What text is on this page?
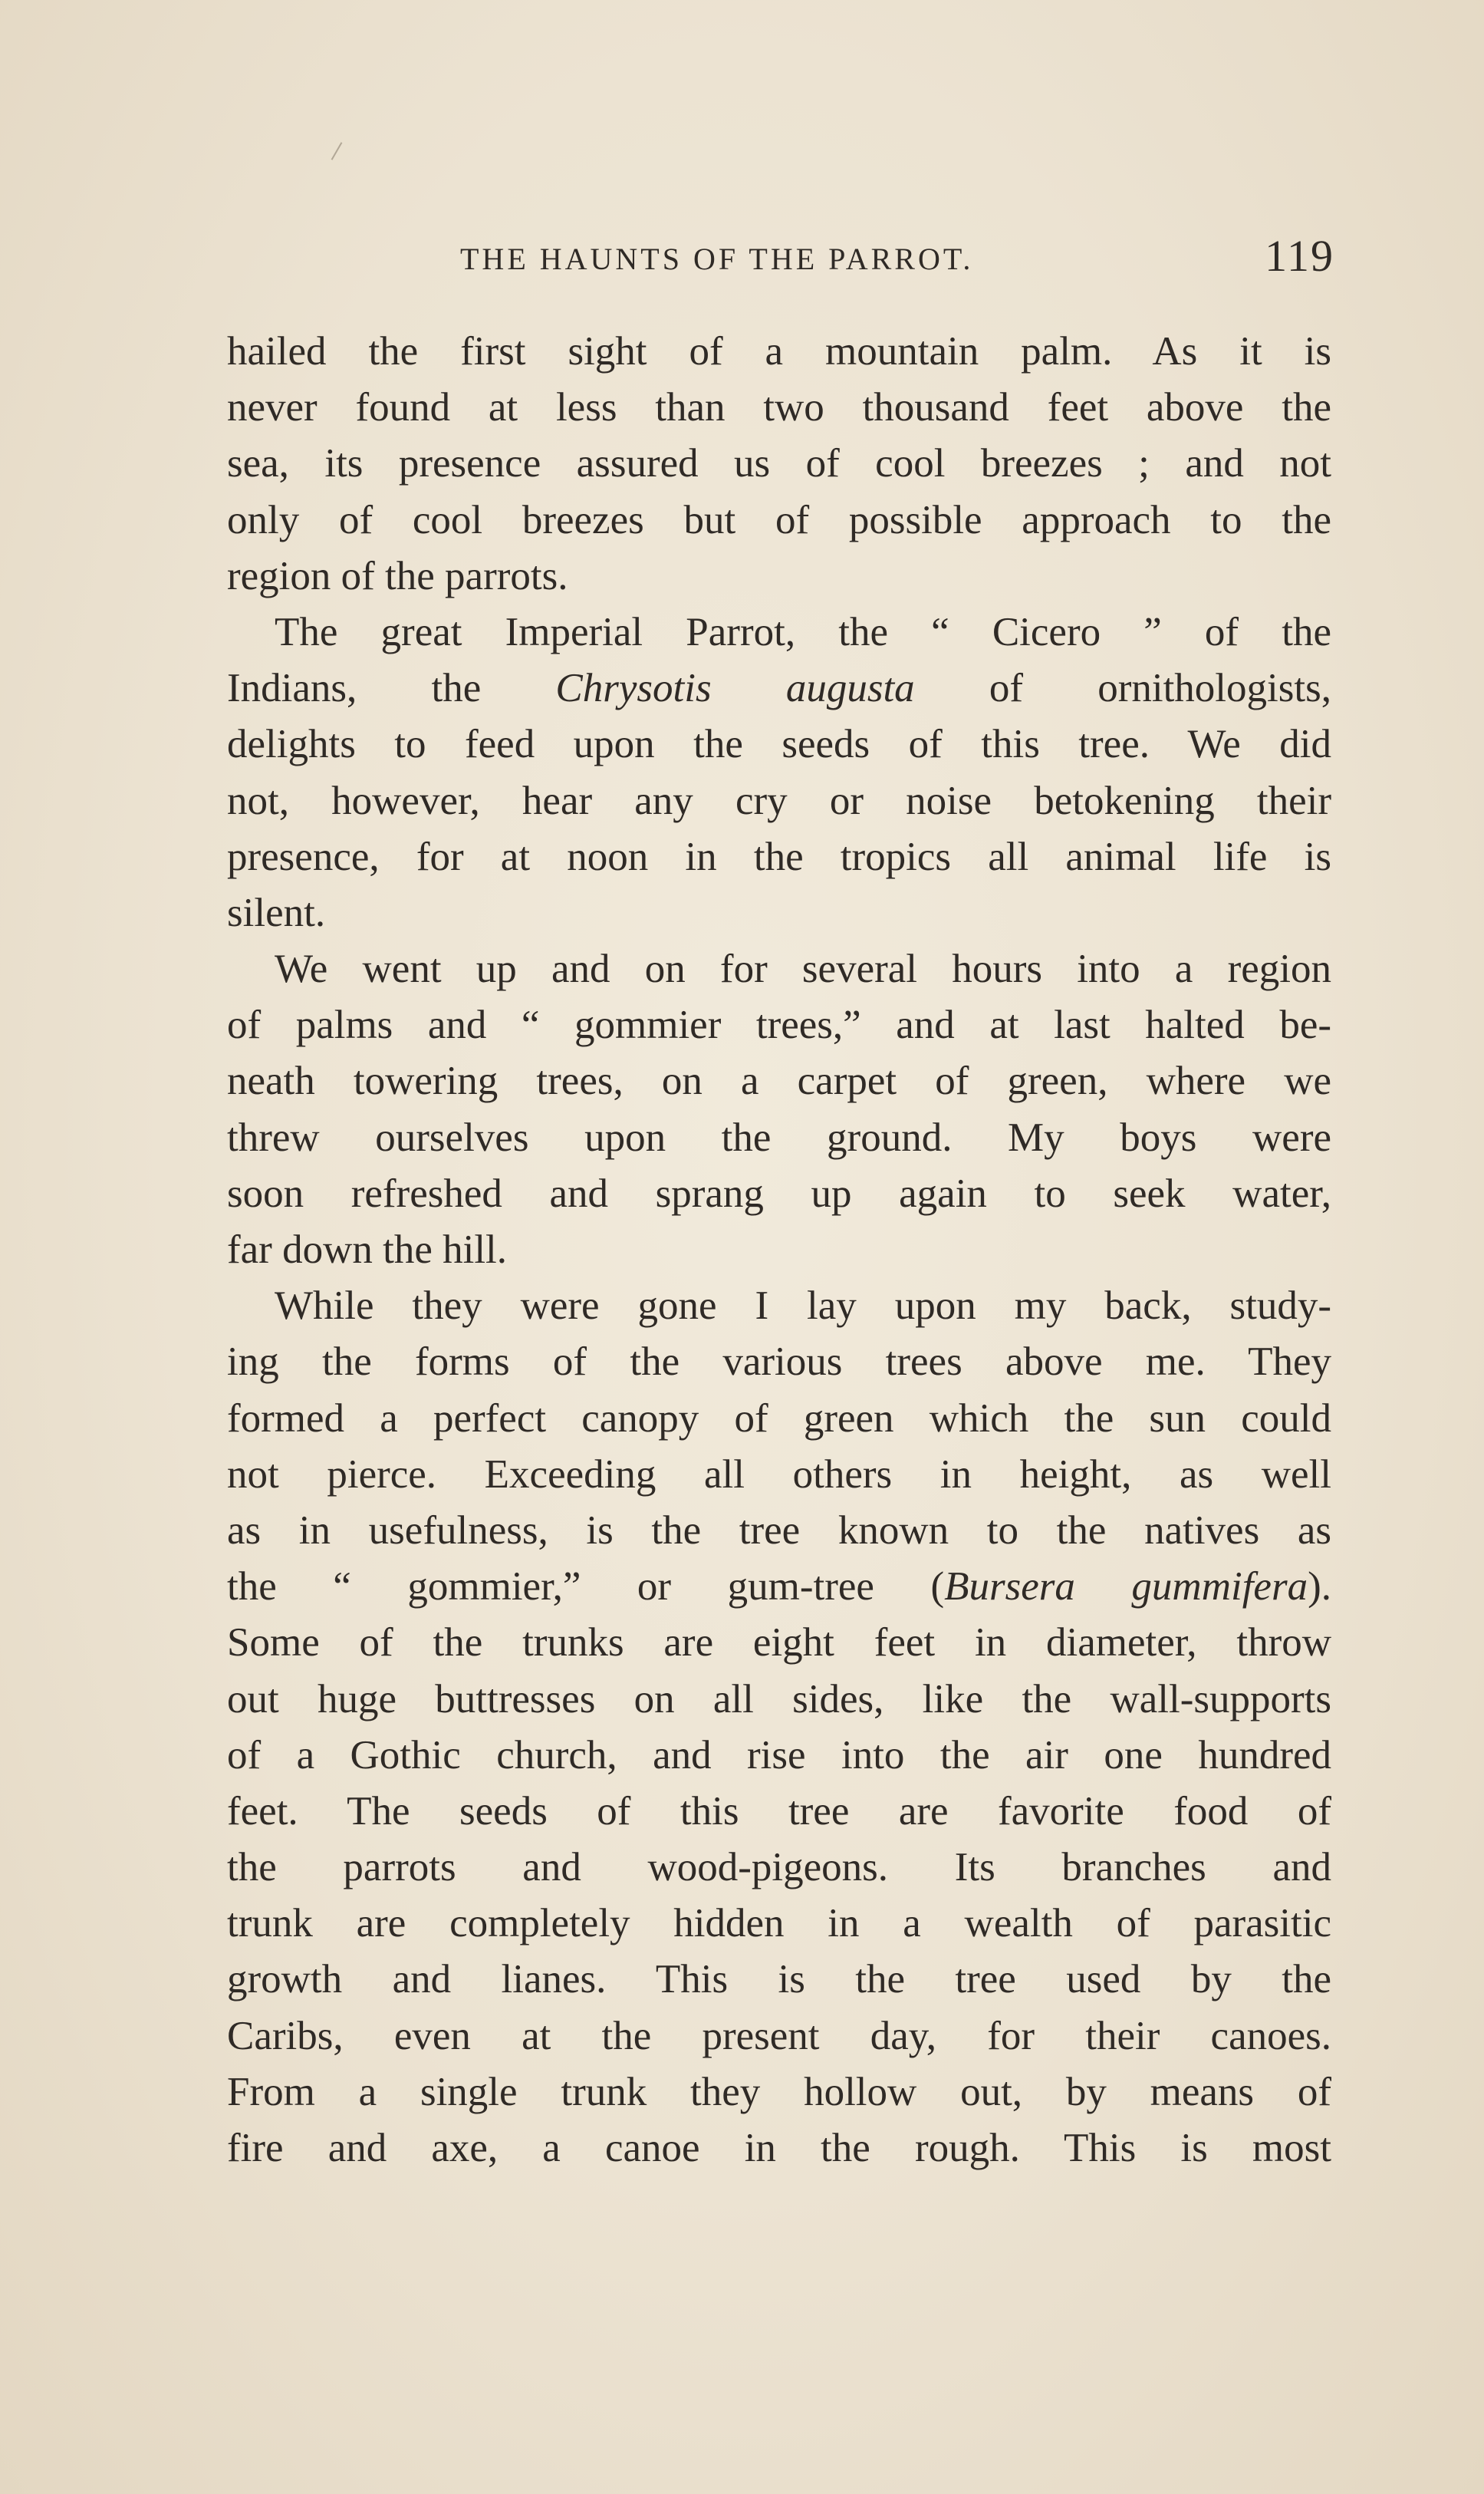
THE HAUNTS OF THE PARROT.	119
hailed the first sight of a mountain palm. As it is
never found at less than two thousand feet above the
sea, its presence assured us of cool breezes ; and not
only of cool breezes but of possible approach to the
region of the parrots.
The great Imperial Parrot, the “ Cicero ” of the
Indians, the Chrysotis augusta of ornithologists,
delights to feed upon the seeds of this tree. We did
not, however, hear any cry or noise betokening their
presence, for at noon in the tropics all animal life is
silent.
We went up and on for several hours into a region
of palms and “ gommier trees,” and at last halted be-
neath towering trees, on a carpet of green, where we
threw ourselves upon the ground. My boys were
soon refreshed and sprang up again to seek water,
far down the hill.
While they were gone I lay upon my back, study-
ing the forms of the various trees above me. They
formed a perfect canopy of green which the sun could
not pierce. Exceeding all others in height, as well
as in usefulness, is the tree known to the natives as
the “ gommier,” or gum-tree (Bursera gummifera).
Some of the trunks are eight feet in diameter, throw
out huge buttresses on all sides, like the wall-supports
of a Gothic church, and rise into the air one hundred
feet. The seeds of this tree are favorite food of
the parrots and wood-pigeons. Its branches and
trunk are completely hidden in a wealth of parasitic
growth and lianes. This is the tree used by the
Caribs, even at the present day, for their canoes.
From a single trunk they hollow out, by means of
fire and axe, a canoe in the rough. This is most
